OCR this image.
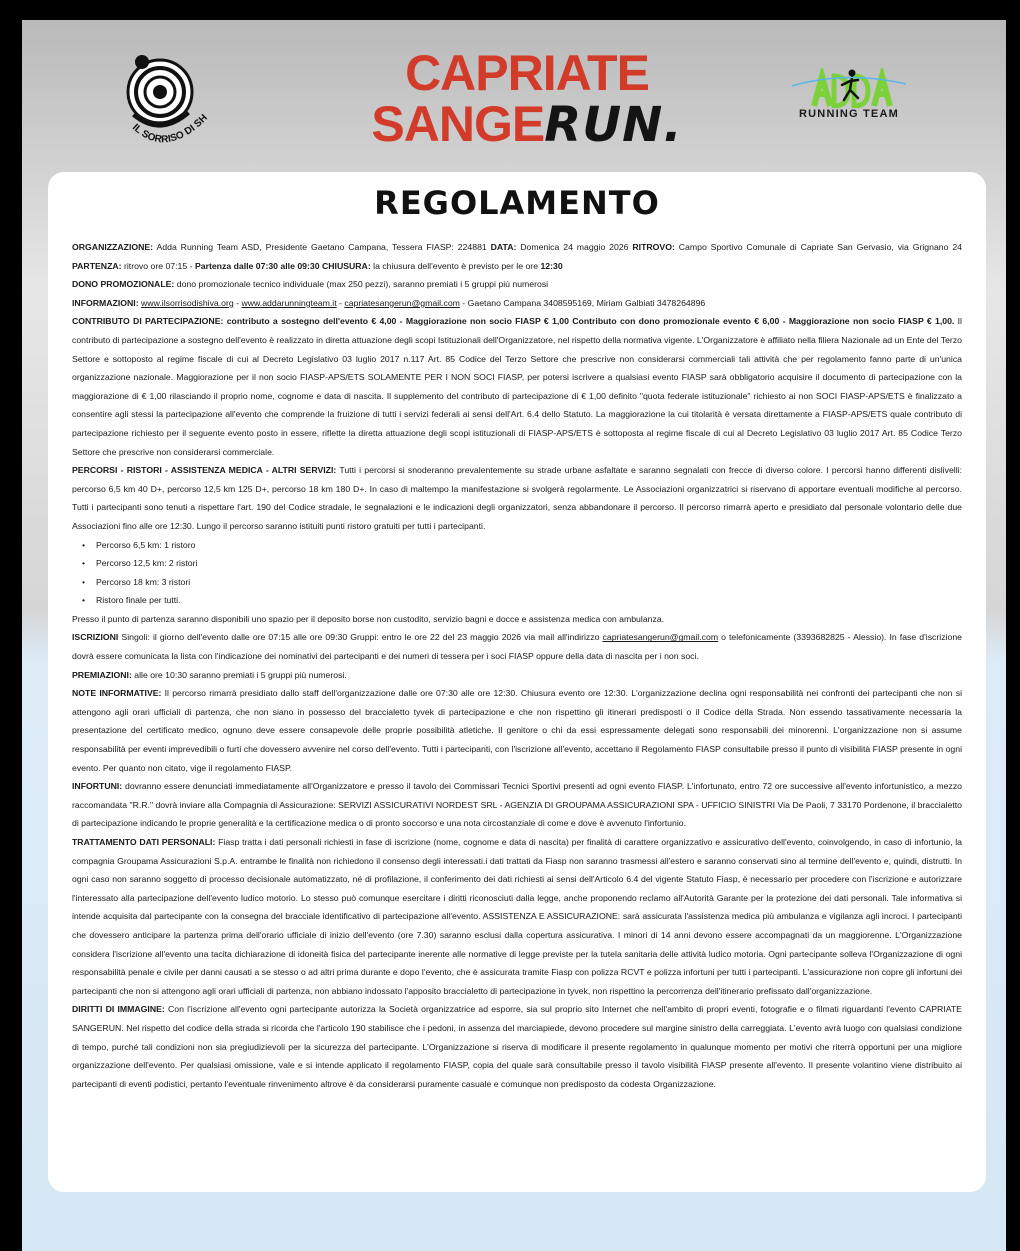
IL SORRISO DI SH
CAPRIATE
SANGERUN.
ADDA
RUNNING TEAM
REGOLAMENTO

ORGANIZZAZIONE: Adda Running Team ASD, Presidente Gaetano Campana, Tessera FIASP: 224881 DATA: Domenica 24 maggio 2026 RITROVO: Campo Sportivo Comunale di Capriate San Gervasio, via Grignano 24 PARTENZA: ritrovo ore 07:15 - Partenza dalle 07:30 alle 09:30 CHIUSURA: la chiusura dell'evento è previsto per le ore 12:30

DONO PROMOZIONALE: dono promozionale tecnico individuale (max 250 pezzi), saranno premiati i 5 gruppi più numerosi

INFORMAZIONI: www.ilsorrisodishiva.org - www.addarunningteam.it - capriatesangerun@gmail.com - Gaetano Campana 3408595169, Miriam Galbiati 3478264896

CONTRIBUTO DI PARTECIPAZIONE: contributo a sostegno dell'evento € 4,00 - Maggiorazione non socio FIASP € 1,00 Contributo con dono promozionale evento € 6,00 - Maggiorazione non socio FIASP € 1,00. Il contributo di partecipazione a sostegno dell'evento è realizzato in diretta attuazione degli scopi Istituzionali dell'Organizzatore, nel rispetto della normativa vigente. L'Organizzatore è affiliato nella filiera Nazionale ad un Ente del Terzo Settore e sottoposto al regime fiscale di cui al Decreto Legislativo 03 luglio 2017 n.117 Art. 85 Codice del Terzo Settore che prescrive non considerarsi commerciali tali attività che per regolamento fanno parte di un'unica organizzazione nazionale. Maggiorazione per il non socio FIASP-APS/ETS SOLAMENTE PER I NON SOCI FIASP, per potersi iscrivere a qualsiasi evento FIASP sarà obbligatorio acquisire il documento di partecipazione con la maggiorazione di € 1,00 rilasciando il proprio nome, cognome e data di nascita. Il supplemento del contributo di partecipazione di € 1,00 definito "quota federale istituzionale" richiesto ai non SOCI FIASP-APS/ETS è finalizzato a consentire agli stessi la partecipazione all'evento che comprende la fruizione di tutti i servizi federali ai sensi dell'Art. 6.4 dello Statuto. La maggiorazione la cui titolarità è versata direttamente a FIASP-APS/ETS quale contributo di partecipazione richiesto per il seguente evento posto in essere, riflette la diretta attuazione degli scopi istituzionali di FIASP-APS/ETS è sottoposta al regime fiscale di cui al Decreto Legislativo 03 luglio 2017 Art. 85 Codice Terzo Settore che prescrive non considerarsi commerciale.

PERCORSI - RISTORI - ASSISTENZA MEDICA - ALTRI SERVIZI: Tutti i percorsi si snoderanno prevalentemente su strade urbane asfaltate e saranno segnalati con frecce di diverso colore. I percorsi hanno differenti dislivelli: percorso 6,5 km 40 D+, percorso 12,5 km 125 D+, percorso 18 km 180 D+. In caso di maltempo la manifestazione si svolgerà regolarmente. Le Associazioni organizzatrici si riservano di apportare eventuali modifiche al percorso. Tutti i partecipanti sono tenuti a rispettare l'art. 190 del Codice stradale, le segnalazioni e le indicazioni degli organizzatori, senza abbandonare il percorso. Il percorso rimarrà aperto e presidiato dal personale volontario delle due Associazioni fino alle ore 12:30. Lungo il percorso saranno istituiti punti ristoro gratuiti per tutti i partecipanti.

• Percorso 6,5 km: 1 ristoro
• Percorso 12,5 km: 2 ristori
• Percorso 18 km: 3 ristori
• Ristoro finale per tutti.

Presso il punto di partenza saranno disponibili uno spazio per il deposito borse non custodito, servizio bagni e docce e assistenza medica con ambulanza.

ISCRIZIONI Singoli: il giorno dell'evento dalle ore 07:15 alle ore 09:30 Gruppi: entro le ore 22 del 23 maggio 2026 via mail all'indirizzo capriatesangerun@gmail.com o telefonicamente (3393682825 - Alessio). In fase d'iscrizione dovrà essere comunicata la lista con l'indicazione dei nominativi dei partecipanti e dei numeri di tessera per i soci FIASP oppure della data di nascita per i non soci.

PREMIAZIONI: alle ore 10:30 saranno premiati i 5 gruppi più numerosi.

NOTE INFORMATIVE: Il percorso rimarrà presidiato dallo staff dell'organizzazione dalle ore 07:30 alle ore 12:30. Chiusura evento ore 12:30. L'organizzazione declina ogni responsabilità nei confronti dei partecipanti che non si attengono agli orari ufficiali di partenza, che non siano in possesso del braccialetto tyvek di partecipazione e che non rispettino gli itinerari predisposti o il Codice della Strada. Non essendo tassativamente necessaria la presentazione del certificato medico, ognuno deve essere consapevole delle proprie possibilità atletiche. Il genitore o chi da essi espressamente delegati sono responsabili dei minorenni. L'organizzazione non si assume responsabilità per eventi imprevedibili o furti che dovessero avvenire nel corso dell'evento. Tutti i partecipanti, con l'iscrizione all'evento, accettano il Regolamento FIASP consultabile presso il punto di visibilità FIASP presente in ogni evento. Per quanto non citato, vige il regolamento FIASP.

INFORTUNI: dovranno essere denunciati immediatamente all'Organizzatore e presso il tavolo dei Commissari Tecnici Sportivi presenti ad ogni evento FIASP. L'infortunato, entro 72 ore successive all'evento infortunistico, a mezzo raccomandata "R.R." dovrà inviare alla Compagnia di Assicurazione: SERVIZI ASSICURATIVI NORDEST SRL - AGENZIA DI GROUPAMA ASSICURAZIONI SPA - UFFICIO SINISTRI Via De Paoli, 7 33170 Pordenone, il braccialetto di partecipazione indicando le proprie generalità e la certificazione medica o di pronto soccorso e una nota circostanziale di come e dove è avvenuto l'infortunio.

TRATTAMENTO DATI PERSONALI: Fiasp tratta i dati personali richiesti in fase di iscrizione (nome, cognome e data di nascita) per finalità di carattere organizzativo e assicurativo dell'evento, coinvolgendo, in caso di infortunio, la compagnia Groupama Assicurazioni S.p.A. entrambe le finalità non richiedono il consenso degli interessati.i dati trattati da Fiasp non saranno trasmessi all'estero e saranno conservati sino al termine dell'evento e, quindi, distrutti. In ogni caso non saranno soggetto di processo decisionale automatizzato, né di profilazione, il conferimento dei dati richiesti ai sensi dell'Articolo 6.4 del vigente Statuto Fiasp, è necessario per procedere con l'iscrizione e autorizzare l'interessato alla partecipazione dell'evento ludico motorio. Lo stesso può comunque esercitare i diritti riconosciuti dalla legge, anche proponendo reclamo all'Autorità Garante per la protezione dei dati personali. Tale informativa si intende acquisita dal partecipante con la consegna del bracciale identificativo di partecipazione all'evento. ASSISTENZA E ASSICURAZIONE: sarà assicurata l'assistenza medica più ambulanza e vigilanza agli incroci. I partecipanti che dovessero anticipare la partenza prima dell'orario ufficiale di inizio dell'evento (ore 7.30) saranno esclusi dalla copertura assicurativa. I minori di 14 anni devono essere accompagnati da un maggiorenne. L'Organizzazione considera l'iscrizione all'evento una tacita dichiarazione di idoneità fisica del partecipante inerente alle normative di legge previste per la tutela sanitaria delle attività ludico motoria. Ogni partecipante solleva l'Organizzazione di ogni responsabilità penale e civile per danni causati a se stesso o ad altri prima durante e dopo l'evento, che è assicurata tramite Fiasp con polizza RCVT e polizza infortuni per tutti i partecipanti. L'assicurazione non copre gli infortuni dei partecipanti che non si attengono agli orari ufficiali di partenza, non abbiano indossato l'apposito braccialetto di partecipazione in tyvek, non rispettino la percorrenza dell'itinerario prefissato dall'organizzazione.

DIRITTI DI IMMAGINE: Con l'iscrizione all'evento ogni partecipante autorizza la Società organizzatrice ad esporre, sia sul proprio sito Internet che nell'ambito di propri eventi, fotografie e o filmati riguardanti l'evento CAPRIATE SANGERUN. Nel rispetto del codice della strada si ricorda che l'articolo 190 stabilisce che i pedoni, in assenza del marciapiede, devono procedere sul margine sinistro della carreggiata. L'evento avrà luogo con qualsiasi condizione di tempo, purché tali condizioni non sia pregiudizievoli per la sicurezza del partecipante. L'Organizzazione si riserva di modificare il presente regolamento in qualunque momento per motivi che riterrà opportuni per una migliore organizzazione dell'evento. Per qualsiasi omissione, vale e si intende applicato il regolamento FIASP, copia del quale sarà consultabile presso il tavolo visibilità FIASP presente all'evento. Il presente volantino viene distribuito ai partecipanti di eventi podistici, pertanto l'eventuale rinvenimento altrove è da considerarsi puramente casuale e comunque non predisposto da codesta Organizzazione.
